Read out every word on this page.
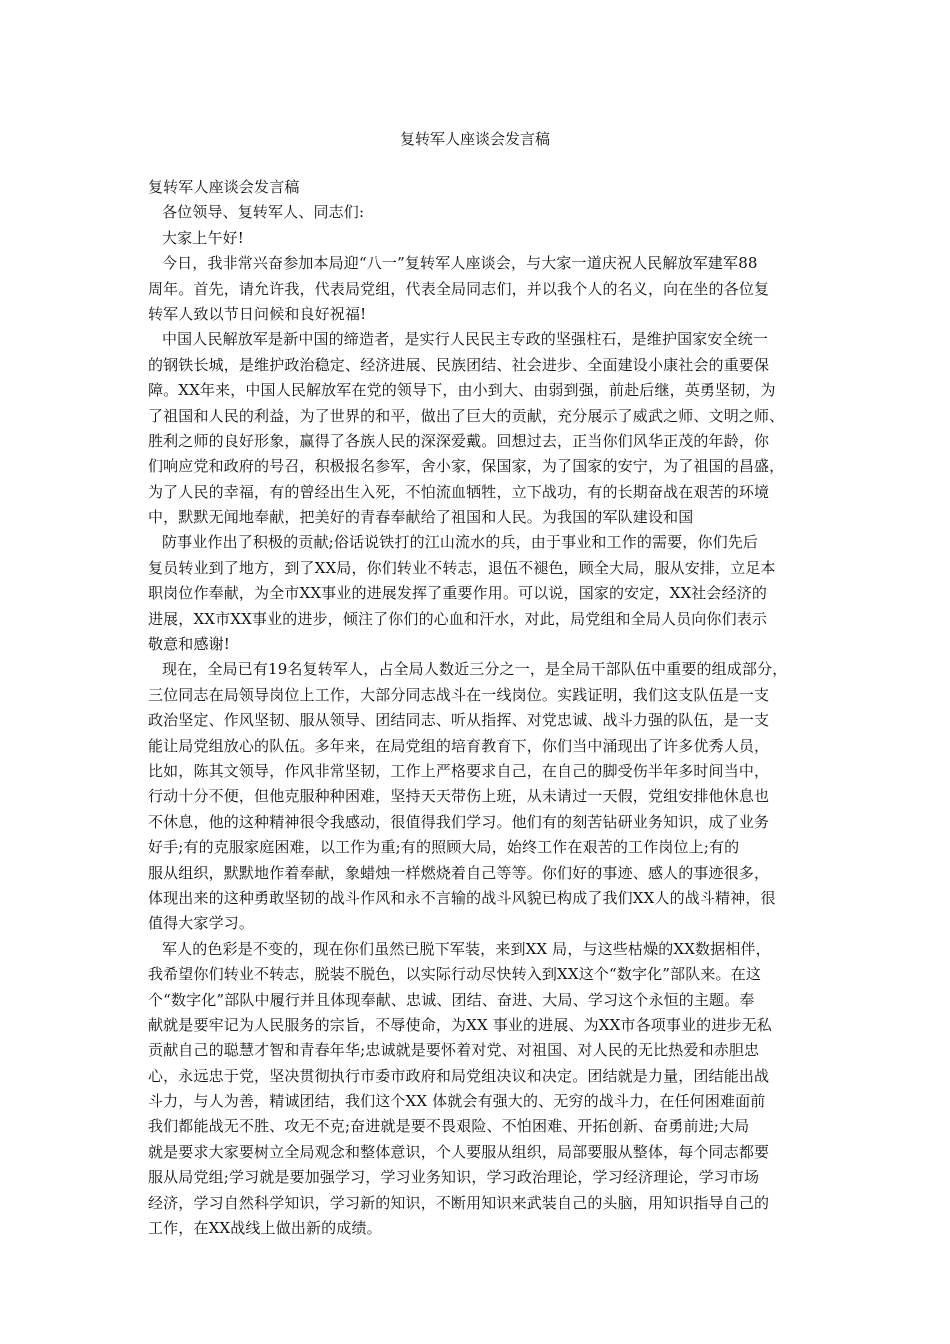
复转军人座谈会发言稿
复转军人座谈会发言稿
各位领导、复转军人、同志们:
大家上午好!
今日，我非常兴奋参加本局迎“八一”复转军人座谈会，与大家一道庆祝人民解放军建军88
周年。首先，请允许我，代表局党组，代表全局同志们，并以我个人的名义，向在坐的各位复
转军人致以节日问候和良好祝福!
中国人民解放军是新中国的缔造者，是实行人民民主专政的坚强柱石，是维护国家安全统一
的钢铁长城，是维护政治稳定、经济进展、民族团结、社会进步、全面建设小康社会的重要保
障。XX年来，中国人民解放军在党的领导下，由小到大、由弱到强，前赴后继，英勇坚韧，为
了祖国和人民的利益，为了世界的和平，做出了巨大的贡献，充分展示了威武之师、文明之师、
胜利之师的良好形象，赢得了各族人民的深深爱戴。回想过去，正当你们风华正茂的年龄，你
们响应党和政府的号召，积极报名参军，舍小家，保国家，为了国家的安宁，为了祖国的昌盛，
为了人民的幸福，有的曾经出生入死，不怕流血牺牲，立下战功，有的长期奋战在艰苦的环境
中，默默无闻地奉献，把美好的青春奉献给了祖国和人民。为我国的军队建设和国
防事业作出了积极的贡献;俗话说铁打的江山流水的兵，由于事业和工作的需要，你们先后
复员转业到了地方，到了XX局，你们转业不转志，退伍不褪色，顾全大局，服从安排，立足本
职岗位作奉献，为全市XX事业的进展发挥了重要作用。可以说，国家的安定，XX社会经济的
进展，XX市XX事业的进步，倾注了你们的心血和汗水，对此，局党组和全局人员向你们表示
敬意和感谢!
现在，全局已有19名复转军人，占全局人数近三分之一，是全局干部队伍中重要的组成部分，
三位同志在局领导岗位上工作，大部分同志战斗在一线岗位。实践证明，我们这支队伍是一支
政治坚定、作风坚韧、服从领导、团结同志、听从指挥、对党忠诚、战斗力强的队伍，是一支
能让局党组放心的队伍。多年来，在局党组的培育教育下，你们当中涌现出了许多优秀人员，
比如，陈其文领导，作风非常坚韧，工作上严格要求自己，在自己的脚受伤半年多时间当中，
行动十分不便，但他克服种种困难，坚持天天带伤上班，从未请过一天假，党组安排他休息也
不休息，他的这种精神很令我感动，很值得我们学习。他们有的刻苦钻研业务知识，成了业务
好手;有的克服家庭困难，以工作为重;有的照顾大局，始终工作在艰苦的工作岗位上;有的
服从组织，默默地作着奉献，象蜡烛一样燃烧着自己等等。你们好的事迹、感人的事迹很多，
体现出来的这种勇敢坚韧的战斗作风和永不言输的战斗风貌已构成了我们XX人的战斗精神，很
值得大家学习。
军人的色彩是不变的，现在你们虽然已脱下军装，来到XX 局，与这些枯燥的XX数据相伴，
我希望你们转业不转志，脱装不脱色，以实际行动尽快转入到XX这个“数字化”部队来。在这
个“数字化”部队中履行并且体现奉献、忠诚、团结、奋进、大局、学习这个永恒的主题。奉
献就是要牢记为人民服务的宗旨，不辱使命，为XX 事业的进展、为XX市各项事业的进步无私
贡献自己的聪慧才智和青春年华;忠诚就是要怀着对党、对祖国、对人民的无比热爱和赤胆忠
心，永远忠于党，坚决贯彻执行市委市政府和局党组决议和决定。团结就是力量，团结能出战
斗力，与人为善，精诚团结，我们这个XX 体就会有强大的、无穷的战斗力，在任何困难面前
我们都能战无不胜、攻无不克;奋进就是要不畏艰险、不怕困难、开拓创新、奋勇前进;大局
就是要求大家要树立全局观念和整体意识，个人要服从组织，局部要服从整体，每个同志都要
服从局党组;学习就是要加强学习，学习业务知识，学习政治理论，学习经济理论，学习市场
经济，学习自然科学知识，学习新的知识，不断用知识来武装自己的头脑，用知识指导自己的
工作，在XX战线上做出新的成绩。
